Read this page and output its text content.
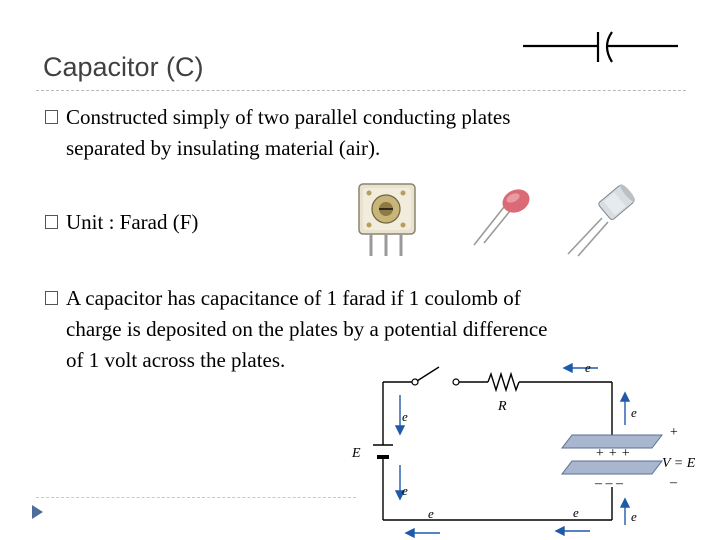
Capacitor (C)
Constructed simply of two parallel conducting plates
separated by insulating material (air).
Unit : Farad (F)
A capacitor has capacitance of 1 farad if 1 coulomb of
charge is deposited on the plates by a potential difference
of 1 volt across the plates.
+ + +
– – –
e
e
e
e	e
e
e
R
E
+
V = E
–
